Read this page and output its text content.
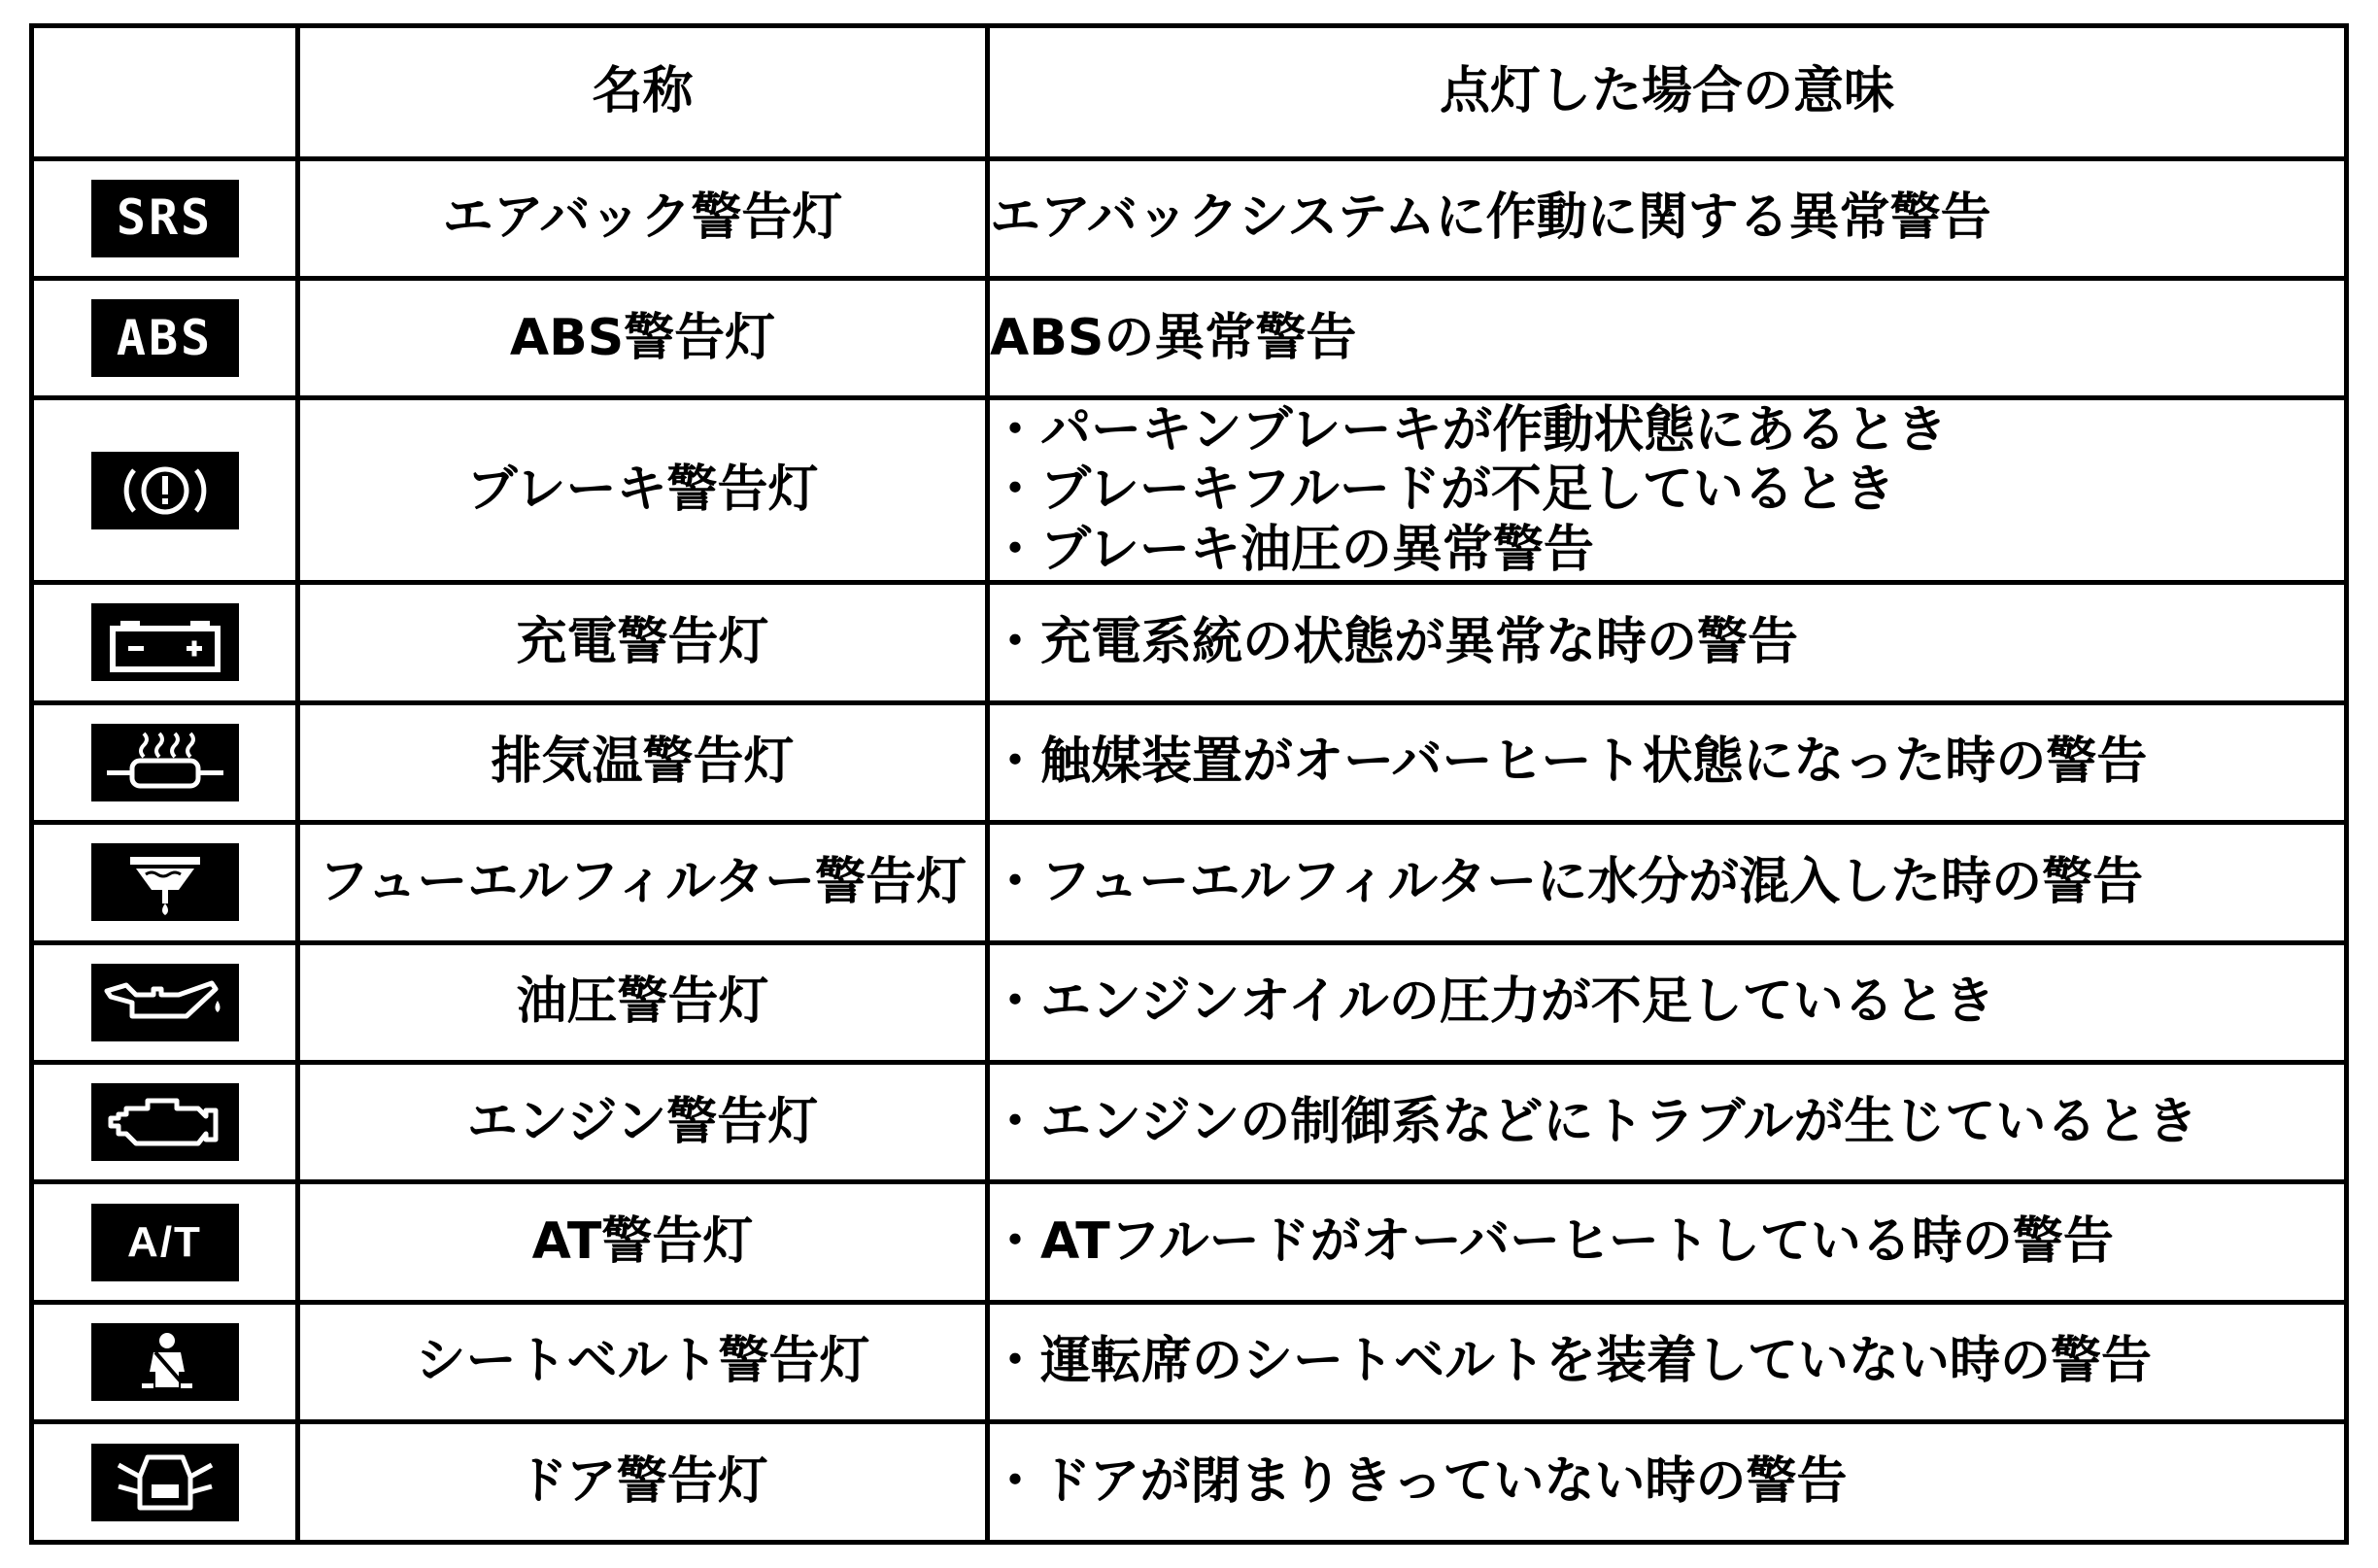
	名称	点灯した場合の意味

SRS	エアバック警告灯	エアバックシステムに作動に関する異常警告

ABS	ABS警告灯	ABSの異常警告

	ブレーキ警告灯	・パーキンブレーキが作動状態にあるとき
・ブレーキフルードが不足しているとき
・ブレーキ油圧の異常警告

	充電警告灯	・充電系統の状態が異常な時の警告

	排気温警告灯	・触媒装置がオーバーヒート状態になった時の警告

	フューエルフィルター警告灯	・フューエルフィルターに水分が混入した時の警告

	油圧警告灯	・エンジンオイルの圧力が不足しているとき

	エンジン警告灯	・エンジンの制御系などにトラブルが生じているとき

A/T	AT警告灯	・ATフルードがオーバーヒートしている時の警告

	シートベルト警告灯	・運転席のシートベルトを装着していない時の警告

	ドア警告灯	・ドアが閉まりきっていない時の警告
